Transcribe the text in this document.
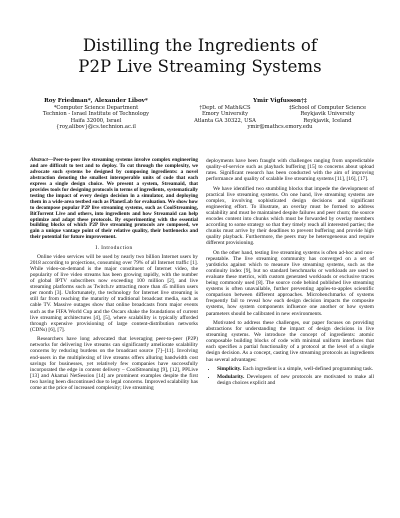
Distilling the Ingredients of
P2P Live Streaming Systems
Roy Friedman*, Alexander Libov*
*Computer Science Department
Technion - Israel Institute of Technology
Haifa 32000, Israel
{roy,alibov}@cs.technion.ac.il
Ymir Vigfusson†‡
†Dept. of Math&CS
Emory University
Atlanta GA 30322, USA
‡School of Computer Science
Reykjavik University
Reykjavik, Iceland
ymir@mathcs.emory.edu

Abstract—Peer-to-peer live streaming systems involve complex engineering and are difficult to test and to deploy. To cut through the complexity, we advocate such systems be designed by composing ingredients: a novel abstraction denoting the smallest interoperable units of code that each express a single design choice. We present a system, Streamaid, that provides tools for designing protocols in terms of ingredients, systematically testing the impact of every design decision in a simulator, and deploying them in a wide-area testbed such as PlanetLab for evaluation. We show how to decompose popular P2P live streaming systems, such as CoolStreaming, BitTorrent Live and others, into ingredients and how Streamaid can help optimize and adapt these protocols. By experimenting with the essential building blocks of which P2P live streaming protocols are composed, we gain a unique vantage point of their relative quality, their bottlenecks and their potential for future improvement.

I. Introduction

Online video services will be used by nearly two billion Internet users by 2018 according to projections, consuming over 79% of all Internet traffic [1]. While video-on-demand is the major constituent of Internet video, the popularity of live video streams has been growing rapidly, with the number of global IPTV subscribers now exceeding 100 million [2], and live streaming platforms such as Twitch.tv attracting more than 45 million users per month [3]. Unfortunately, the technology for Internet live streaming is still far from reaching the maturity of traditional broadcast media, such as cable TV. Massive outages show that online broadcasts from major events such as the FIFA World Cup and the Oscars shake the foundations of current live streaming architectures [4], [5], where scalability is typically afforded through expensive provisioning of large content-distribution networks (CDNs) [6], [7].

Researchers have long advocated that leveraging peer-to-peer (P2P) networks for delivering live streams can significantly ameliorate scalability concerns by reducing burdens on the broadcast source [7]–[11]. Involving end-users in the multiplexing of live streams offers alluring bandwidth cost savings for businesses, yet relatively few companies have successfully incorporated the edge in content delivery – CoolStreaming [9], [12], PPLive [13] and Akamai NetSession [14] are prominent examples despite the first two having been discontinued due to legal concerns. Improved scalability has come at the price of increased complexity; live streaming

deployments have been fraught with challenges ranging from unpredictable quality-of-service such as playback buffering [15] to concerns about upload rates. Significant research has been conducted with the aim of improving performance and quality of scalable live streaming systems [11], [16], [17].

We have identified two stumbling blocks that impede the development of practical live streaming systems. On one hand, live streaming systems are complex, involving sophisticated design decisions and significant engineering effort. To illustrate, an overlay must be formed to address scalability and must be maintained despite failures and peer churn; the source encodes content into chunks which must be forwarded by overlay members according to some strategy so that they timely reach all interested parties; the chunks must arrive by their deadlines to prevent buffering and provide high quality playback. Furthermore, the peers may be heterogeneous and require different provisioning.

On the other hand, testing live streaming systems is often ad-hoc and non-repeatable. The live streaming community has converged on a set of yardsticks against which to measure live streaming systems, such as the continuity index [9], but no standard benchmarks or workloads are used to evaluate these metrics, with custom generated workloads or exclusive traces being commonly used [8]. The source code behind published live streaming systems is often unavailable, further preventing apples-to-apples scientific comparison between different approaches. Microbenchmarks of systems frequently fail to reveal how each design decision impacts the composite systems, how system components influence one another or how system parameters should be calibrated in new environments.

Motivated to address these challenges, our paper focuses on providing abstractions for understanding the impact of design decisions in live streaming systems. We introduce the concept of ingredients: atomic composable building blocks of code with minimal uniform interfaces that each specifies a partial functionality of a protocol at the level of a single design decision. As a concept, casting live streaming protocols as ingredients has several advantages:

• Simplicity. Each ingredient is a simple, well-defined programming task.
• Modularity. Developers of new protocols are motivated to make all design choices explicit and
